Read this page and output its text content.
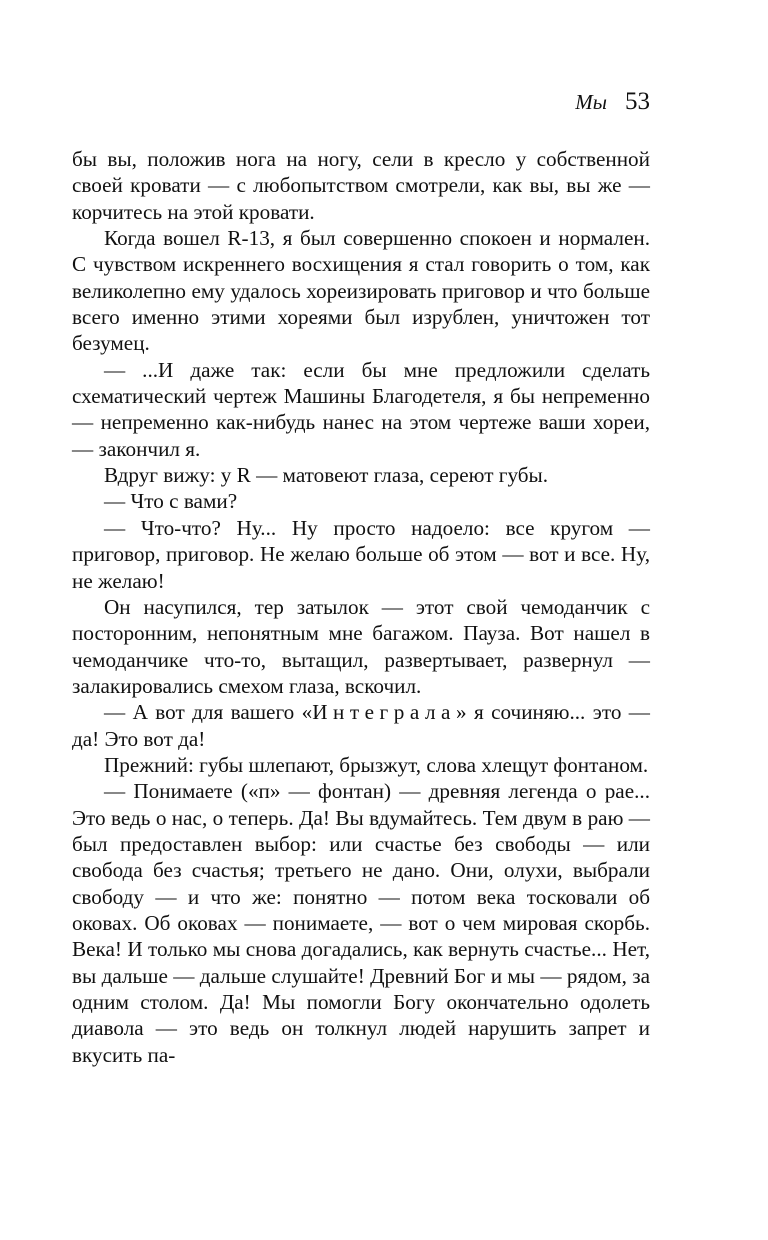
Мы 53

бы вы, положив нога на ногу, сели в кресло у собственной своей кровати — с любопытством смотрели, как вы, вы же — корчитесь на этой кровати.

Когда вошел R-13, я был совершенно спокоен и нормален. С чувством искреннего восхищения я стал говорить о том, как великолепно ему удалось хореизировать приговор и что больше всего именно этими хореями был изрублен, уничтожен тот безумец.

— ...И даже так: если бы мне предложили сделать схематический чертеж Машины Благодетеля, я бы непременно — непременно как-нибудь нанес на этом чертеже ваши хореи, — закончил я.

Вдруг вижу: у R — матовеют глаза, сереют губы.

— Что с вами?

— Что-что? Ну... Ну просто надоело: все кругом — приговор, приговор. Не желаю больше об этом — вот и все. Ну, не желаю!

Он насупился, тер затылок — этот свой чемоданчик с посторонним, непонятным мне багажом. Пауза. Вот нашел в чемоданчике что-то, вытащил, развертывает, развернул — залакировались смехом глаза, вскочил.

— А вот для вашего «Интеграла» я сочиняю... это — да! Это вот да!

Прежний: губы шлепают, брызжут, слова хлещут фонтаном.

— Понимаете («п» — фонтан) — древняя легенда о рае... Это ведь о нас, о теперь. Да! Вы вдумайтесь. Тем двум в раю — был предоставлен выбор: или счастье без свободы — или свобода без счастья; третьего не дано. Они, олухи, выбрали свободу — и что же: понятно — потом века тосковали об оковах. Об оковах — понимаете, — вот о чем мировая скорбь. Века! И только мы снова догадались, как вернуть счастье... Нет, вы дальше — дальше слушайте! Древний Бог и мы — рядом, за одним столом. Да! Мы помогли Богу окончательно одолеть диавола — это ведь он толкнул людей нарушить запрет и вкусить па-
